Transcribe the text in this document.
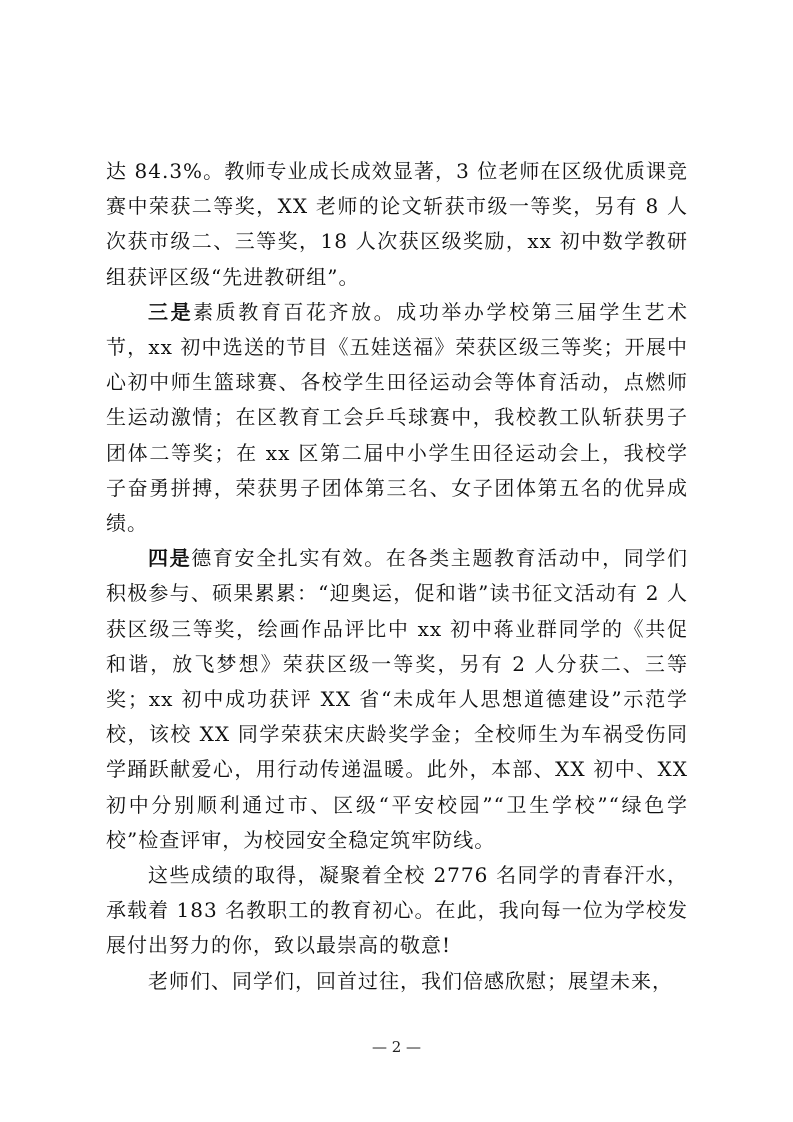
达 84.3%。教师专业成长成效显著，3 位老师在区级优质课竞赛中荣获二等奖，XX 老师的论文斩获市级一等奖，另有 8 人次获市级二、三等奖，18 人次获区级奖励，xx 初中数学教研组获评区级“先进教研组”。

三是素质教育百花齐放。成功举办学校第三届学生艺术节，xx 初中选送的节目《五娃送福》荣获区级三等奖；开展中心初中师生篮球赛、各校学生田径运动会等体育活动，点燃师生运动激情；在区教育工会乒乓球赛中，我校教工队斩获男子团体二等奖；在 xx 区第二届中小学生田径运动会上，我校学子奋勇拼搏，荣获男子团体第三名、女子团体第五名的优异成绩。

四是德育安全扎实有效。在各类主题教育活动中，同学们积极参与、硕果累累：“迎奥运，促和谐”读书征文活动有 2 人获区级三等奖，绘画作品评比中 xx 初中蒋业群同学的《共促和谐，放飞梦想》荣获区级一等奖，另有 2 人分获二、三等奖；xx 初中成功获评 XX 省“未成年人思想道德建设”示范学校，该校 XX 同学荣获宋庆龄奖学金；全校师生为车祸受伤同学踊跃献爱心，用行动传递温暖。此外，本部、XX 初中、XX 初中分别顺利通过市、区级“平安校园”“卫生学校”“绿色学校”检查评审，为校园安全稳定筑牢防线。

这些成绩的取得，凝聚着全校 2776 名同学的青春汗水，承载着 183 名教职工的教育初心。在此，我向每一位为学校发展付出努力的你，致以最崇高的敬意!

老师们、同学们，回首过往，我们倍感欣慰；展望未来，

— 2 —
